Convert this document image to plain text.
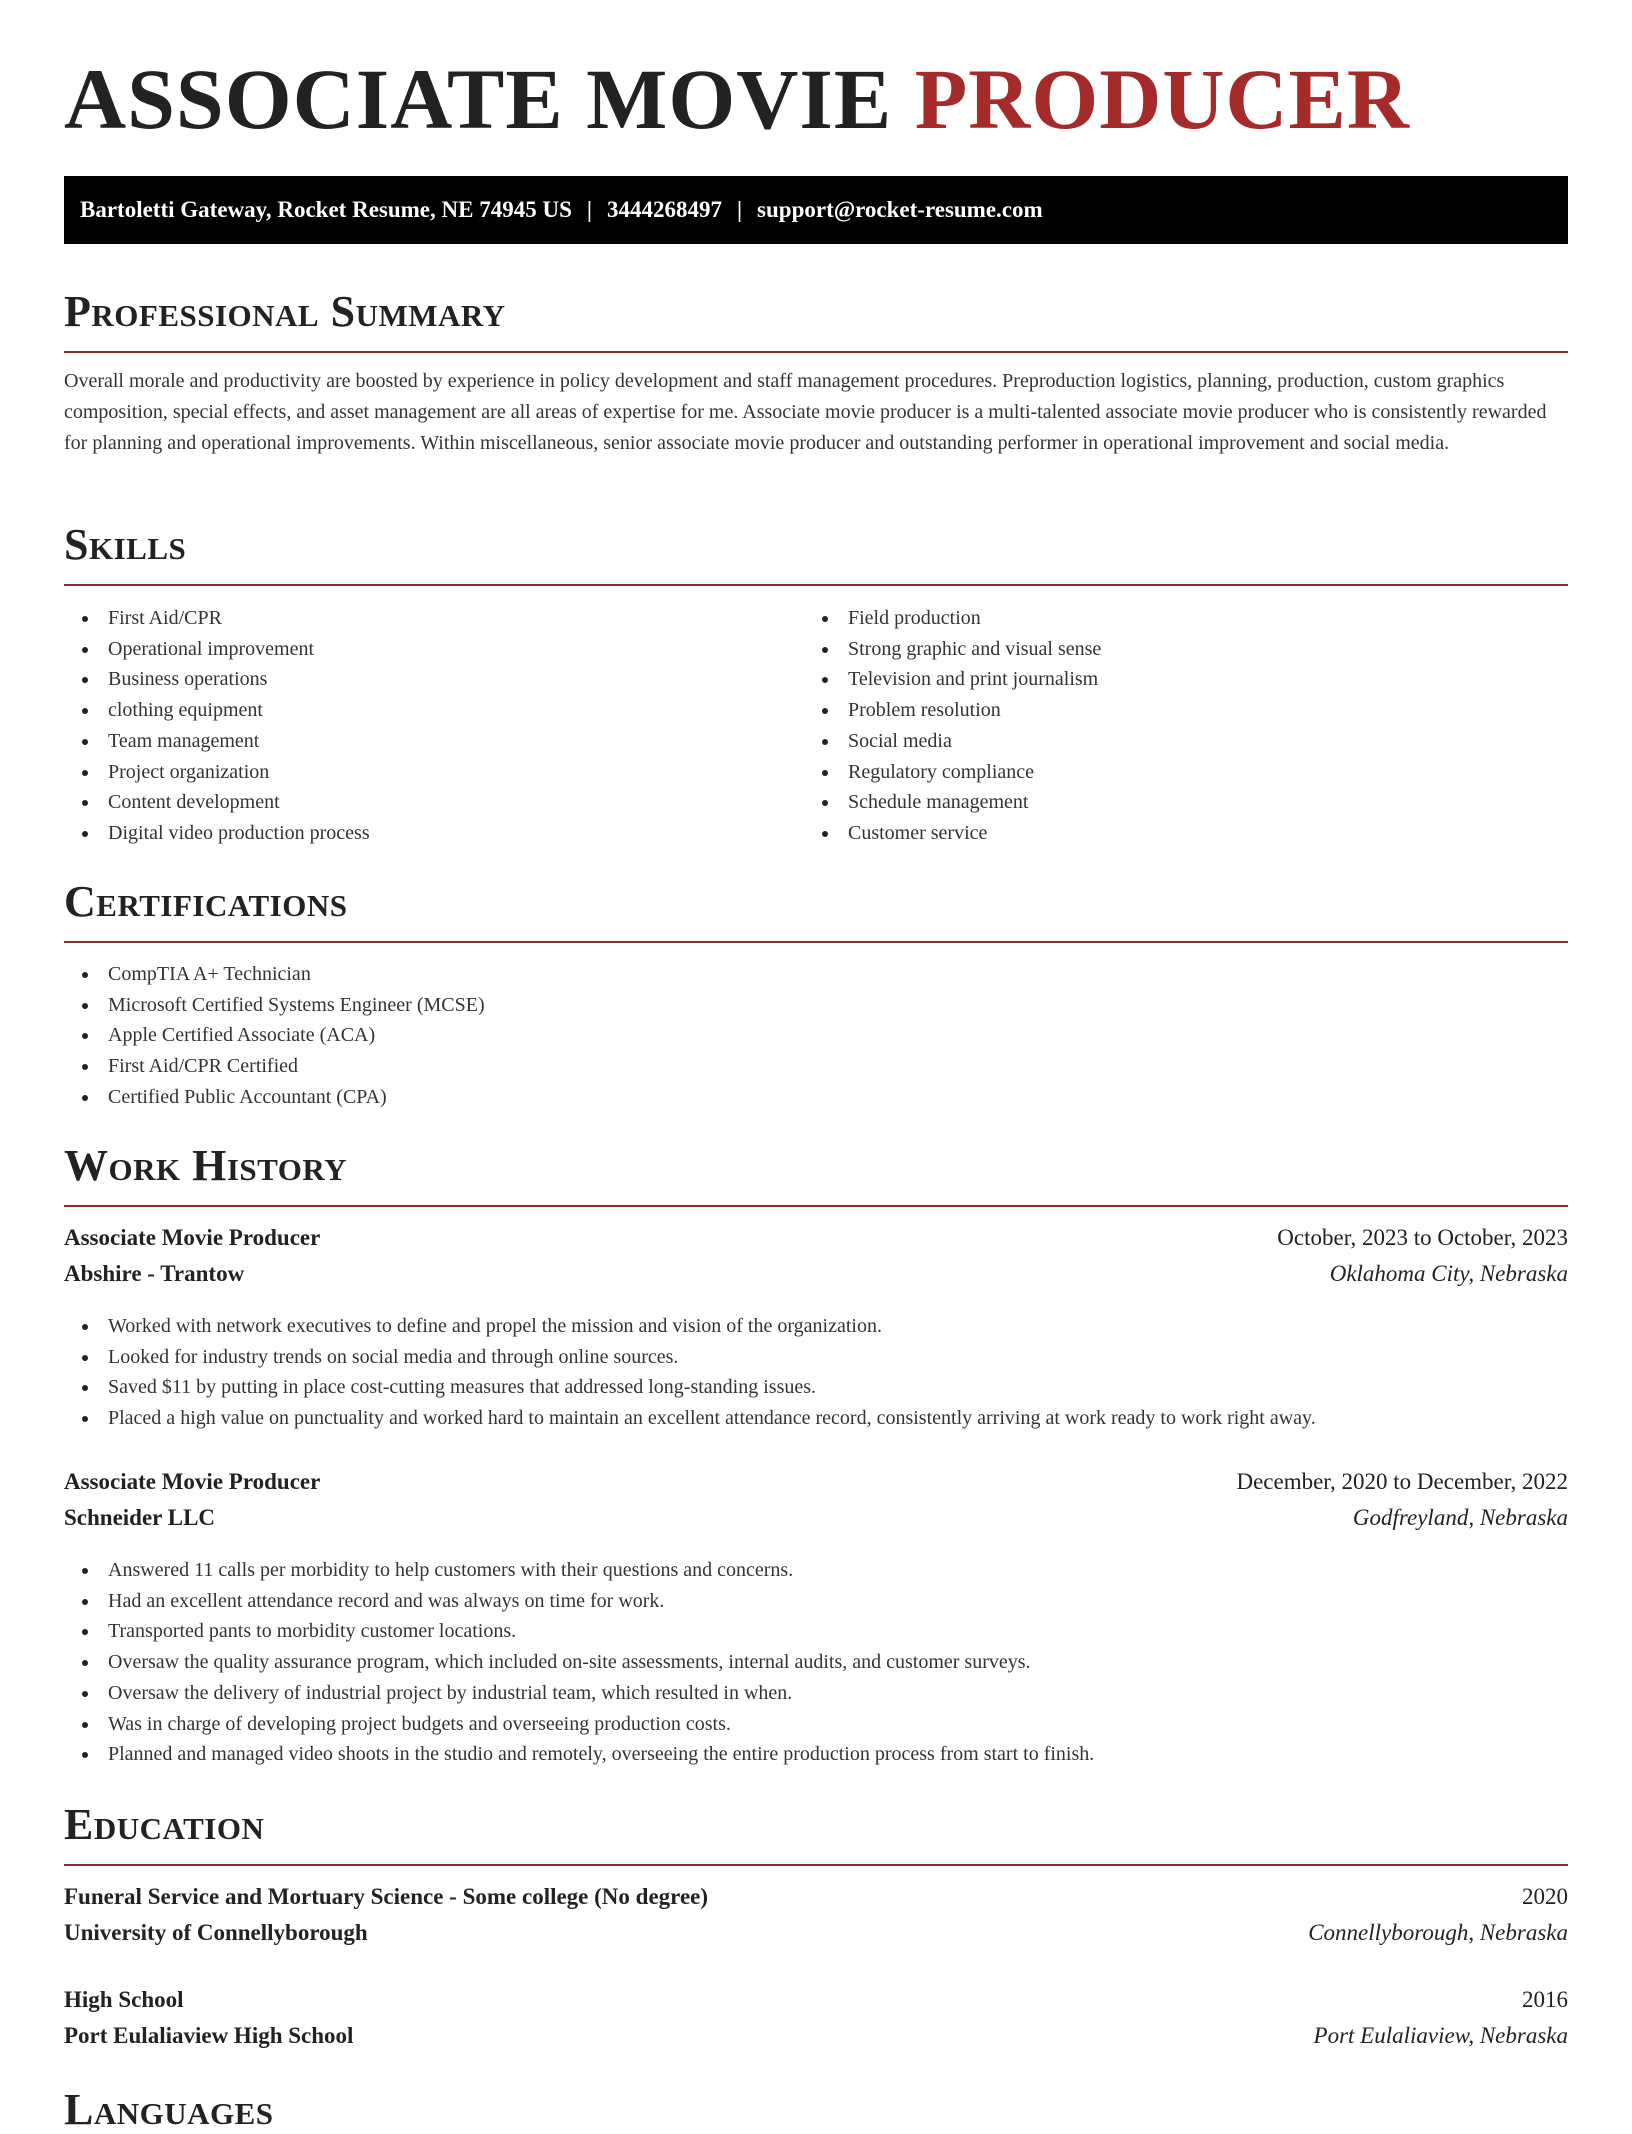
ASSOCIATE MOVIE PRODUCER
Bartoletti Gateway, Rocket Resume, NE 74945 US | 3444268497 | support@rocket-resume.com
Professional Summary

Overall morale and productivity are boosted by experience in policy development and staff management procedures. Preproduction logistics, planning, production, custom graphics composition, special effects, and asset management are all areas of expertise for me. Associate movie producer is a multi-talented associate movie producer who is consistently rewarded for planning and operational improvements. Within miscellaneous, senior associate movie producer and outstanding performer in operational improvement and social media.

Skills
First Aid/CPR
Operational improvement
Business operations
clothing equipment
Team management
Project organization
Content development
Digital video production process
Field production
Strong graphic and visual sense
Television and print journalism
Problem resolution
Social media
Regulatory compliance
Schedule management
Customer service
Certifications
CompTIA A+ Technician
Microsoft Certified Systems Engineer (MCSE)
Apple Certified Associate (ACA)
First Aid/CPR Certified
Certified Public Accountant (CPA)
Work History
Associate Movie Producer	October, 2023 to October, 2023
Abshire - Trantow	Oklahoma City, Nebraska
Worked with network executives to define and propel the mission and vision of the organization.
Looked for industry trends on social media and through online sources.
Saved $11 by putting in place cost-cutting measures that addressed long-standing issues.
Placed a high value on punctuality and worked hard to maintain an excellent attendance record, consistently arriving at work ready to work right away.
Associate Movie Producer	December, 2020 to December, 2022
Schneider LLC	Godfreyland, Nebraska
Answered 11 calls per morbidity to help customers with their questions and concerns.
Had an excellent attendance record and was always on time for work.
Transported pants to morbidity customer locations.
Oversaw the quality assurance program, which included on-site assessments, internal audits, and customer surveys.
Oversaw the delivery of industrial project by industrial team, which resulted in when.
Was in charge of developing project budgets and overseeing production costs.
Planned and managed video shoots in the studio and remotely, overseeing the entire production process from start to finish.
Education
Funeral Service and Mortuary Science - Some college (No degree)	2020
University of Connellyborough	Connellyborough, Nebraska
High School	2016
Port Eulaliaview High School	Port Eulaliaview, Nebraska
Languages
